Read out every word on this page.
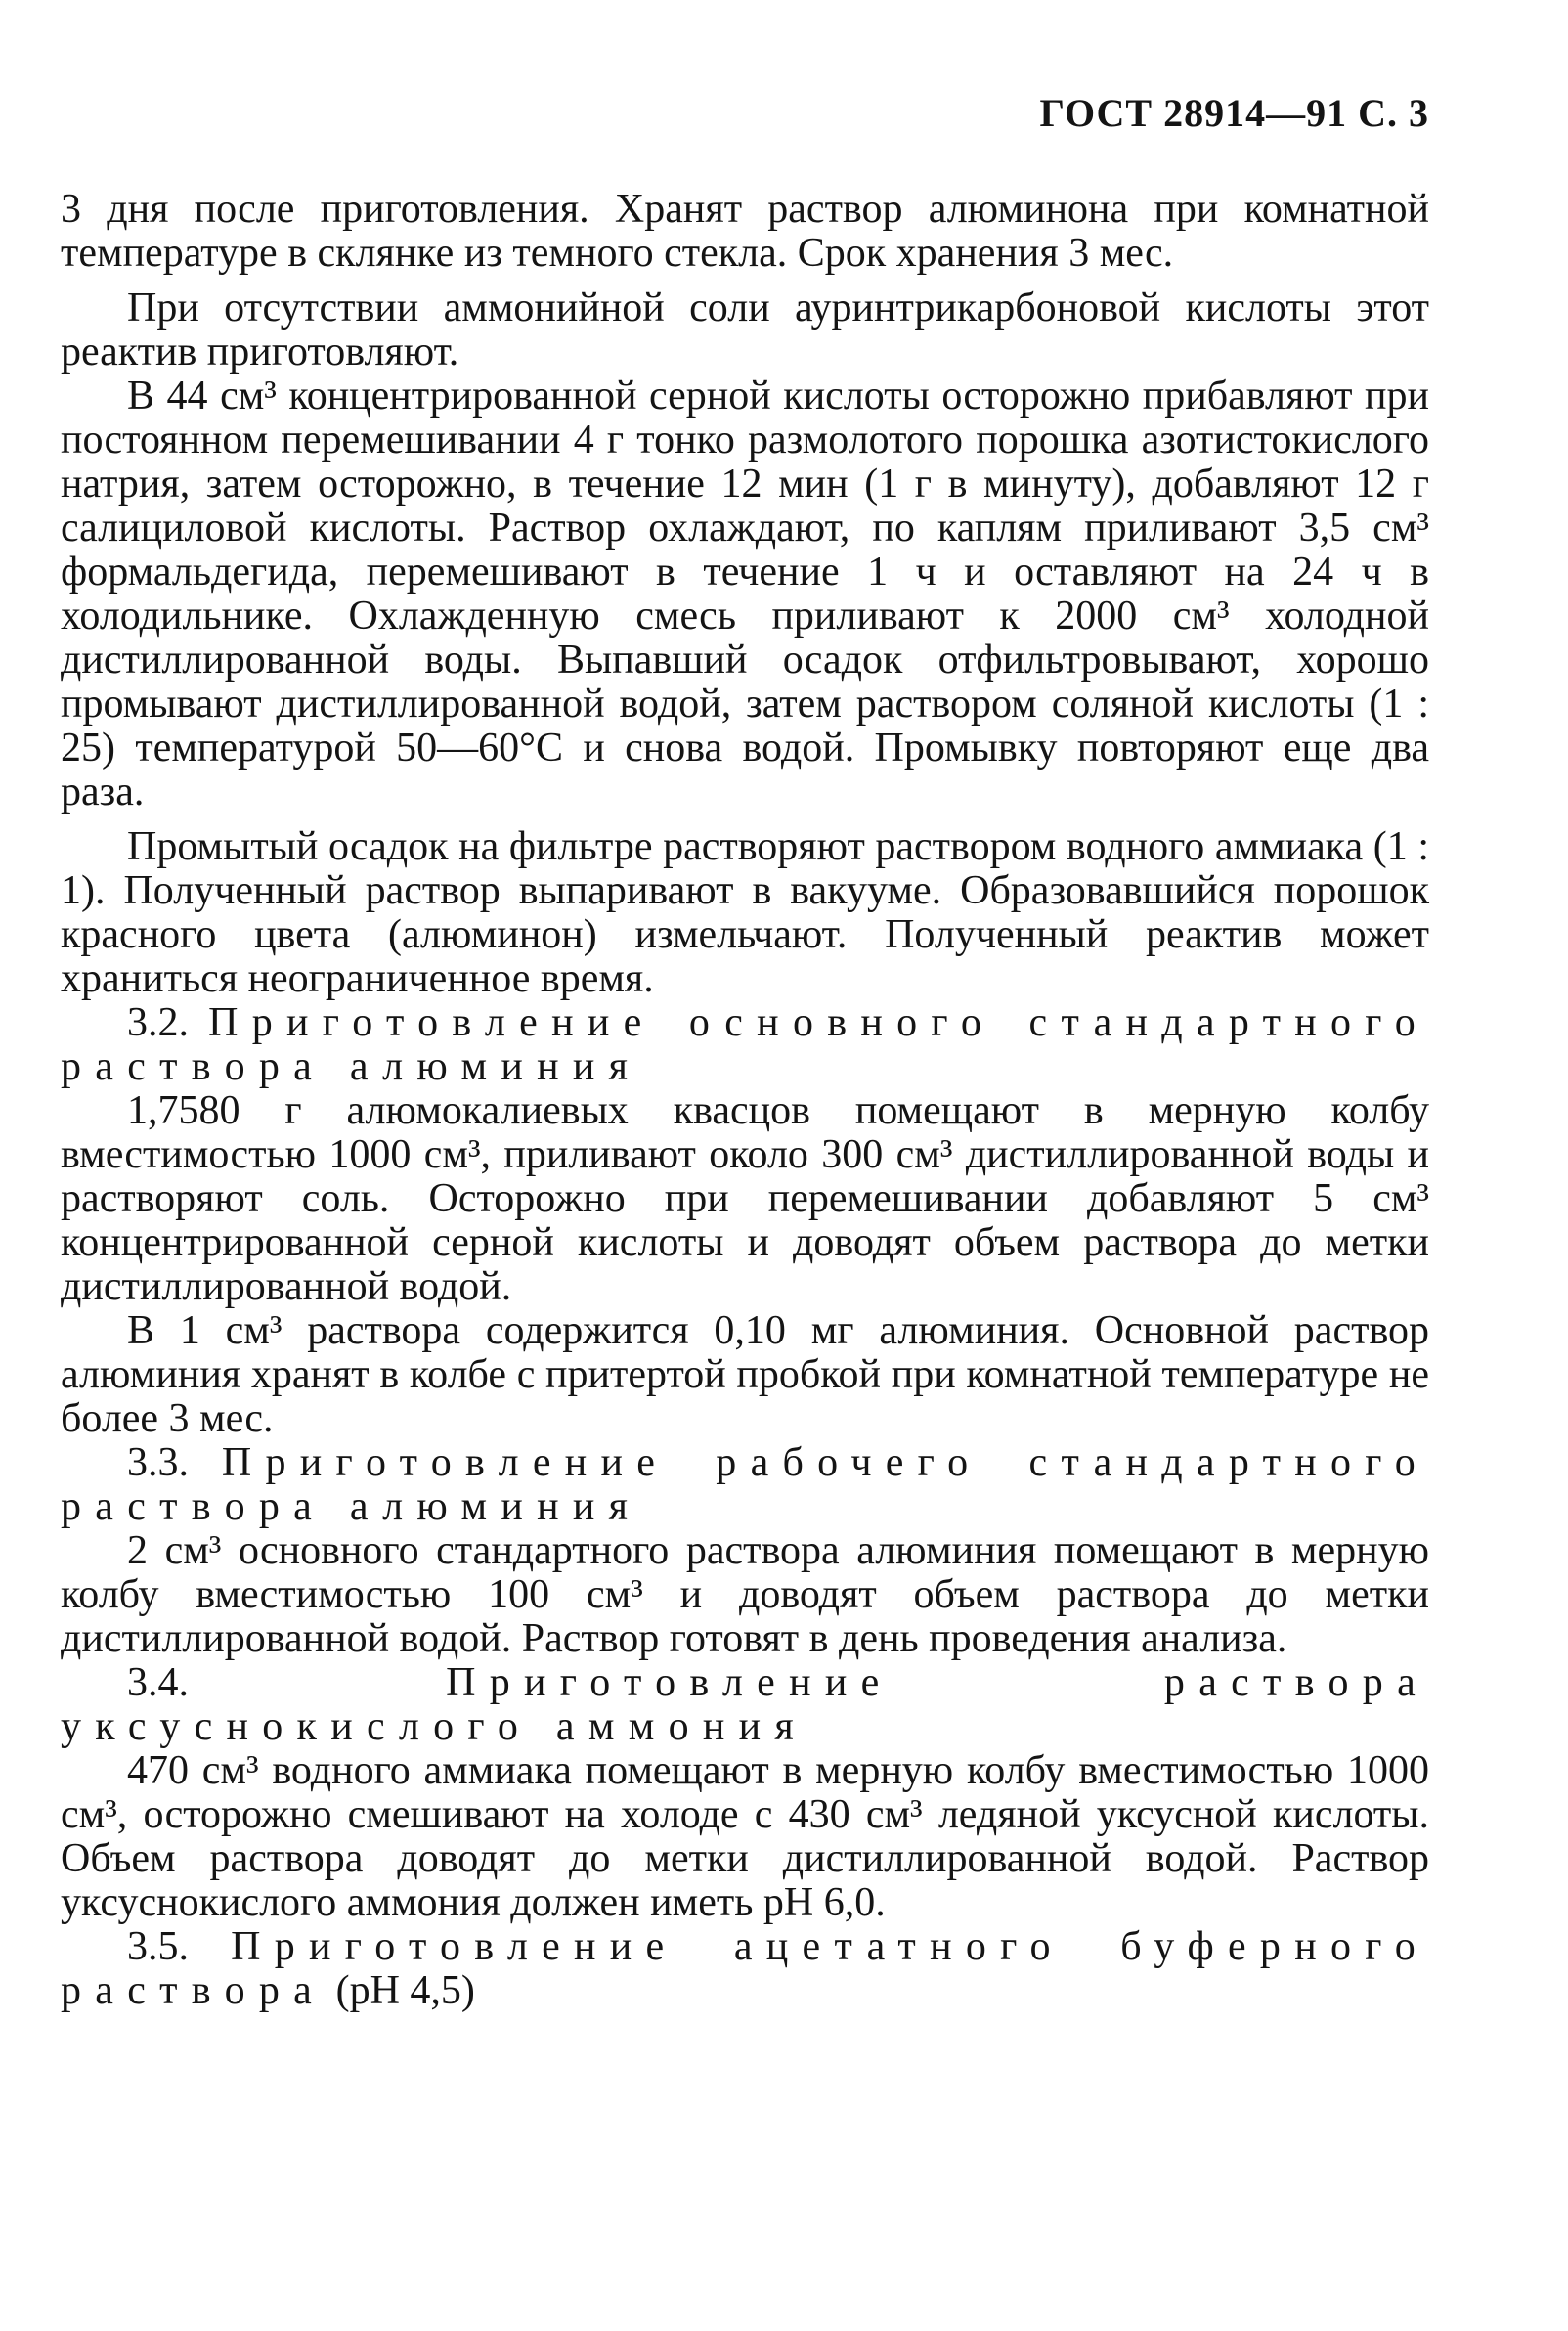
ГОСТ 28914—91 С. 3

3 дня после приготовления. Хранят раствор алюминона при комнатной температуре в склянке из темного стекла. Срок хранения 3 мес.

При отсутствии аммонийной соли ауринтрикарбоновой кислоты этот реактив приготовляют.

В 44 см³ концентрированной серной кислоты осторожно прибавляют при постоянном перемешивании 4 г тонко размолотого порошка азотистокислого натрия, затем осторожно, в течение 12 мин (1 г в минуту), добавляют 12 г салициловой кислоты. Раствор охлаждают, по каплям приливают 3,5 см³ формальдегида, перемешивают в течение 1 ч и оставляют на 24 ч в холодильнике. Охлажденную смесь приливают к 2000 см³ холодной дистиллированной воды. Выпавший осадок отфильтровывают, хорошо промывают дистиллированной водой, затем раствором соляной кислоты (1 : 25) температурой 50—60°С и снова водой. Промывку повторяют еще два раза.

Промытый осадок на фильтре растворяют раствором водного аммиака (1 : 1). Полученный раствор выпаривают в вакууме. Образовавшийся порошок красного цвета (алюминон) измельчают. Полученный реактив может храниться неограниченное время.

3.2. Приготовление основного стандартного раствора алюминия

1,7580 г алюмокалиевых квасцов помещают в мерную колбу вместимостью 1000 см³, приливают около 300 см³ дистиллированной воды и растворяют соль. Осторожно при перемешивании добавляют 5 см³ концентрированной серной кислоты и доводят объем раствора до метки дистиллированной водой.

В 1 см³ раствора содержится 0,10 мг алюминия. Основной раствор алюминия хранят в колбе с притертой пробкой при комнатной температуре не более 3 мес.

3.3. Приготовление рабочего стандартного раствора алюминия

2 см³ основного стандартного раствора алюминия помещают в мерную колбу вместимостью 100 см³ и доводят объем раствора до метки дистиллированной водой. Раствор готовят в день проведения анализа.

3.4.	Приготовление раствора уксуснокислого аммония

470 см³ водного аммиака помещают в мерную колбу вместимостью 1000 см³, осторожно смешивают на холоде с 430 см³ ледяной уксусной кислоты. Объем раствора доводят до метки дистиллированной водой. Раствор уксуснокислого аммония должен иметь рН 6,0.

3.5. Приготовление ацетатного буферного раствора (рН 4,5)
